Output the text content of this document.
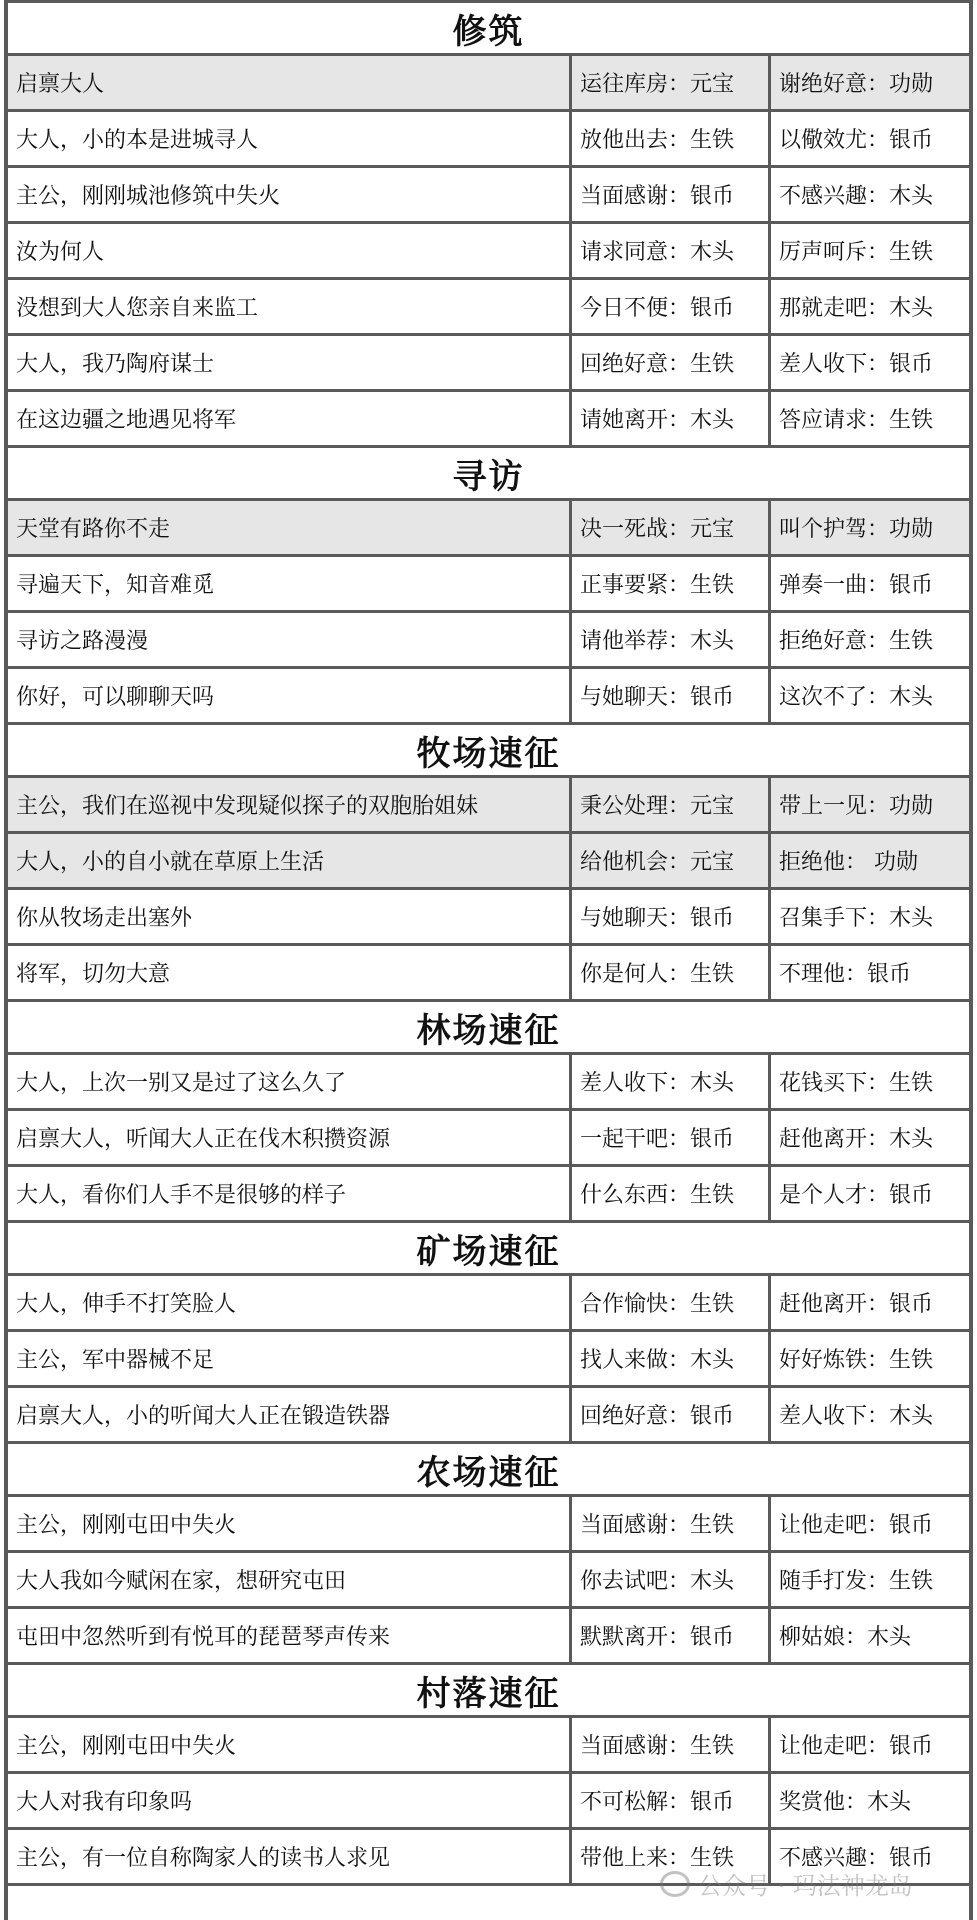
修筑
启禀大人	运往库房：元宝	谢绝好意：功勋
大人，小的本是进城寻人	放他出去：生铁	以儆效尤：银币
主公，刚刚城池修筑中失火	当面感谢：银币	不感兴趣：木头
汝为何人	请求同意：木头	厉声呵斥：生铁
没想到大人您亲自来监工	今日不便：银币	那就走吧：木头
大人，我乃陶府谋士	回绝好意：生铁	差人收下：银币
在这边疆之地遇见将军	请她离开：木头	答应请求：生铁
寻访
天堂有路你不走	决一死战：元宝	叫个护驾：功勋
寻遍天下，知音难觅	正事要紧：生铁	弹奏一曲：银币
寻访之路漫漫	请他举荐：木头	拒绝好意：生铁
你好，可以聊聊天吗	与她聊天：银币	这次不了：木头
牧场速征
主公，我们在巡视中发现疑似探子的双胞胎姐妹	秉公处理：元宝	带上一见：功勋
大人，小的自小就在草原上生活	给他机会：元宝	拒绝他： 功勋
你从牧场走出塞外	与她聊天：银币	召集手下：木头
将军，切勿大意	你是何人：生铁	不理他：银币
林场速征
大人，上次一别又是过了这么久了	差人收下：木头	花钱买下：生铁
启禀大人，听闻大人正在伐木积攒资源	一起干吧：银币	赶他离开：木头
大人，看你们人手不是很够的样子	什么东西：生铁	是个人才：银币
矿场速征
大人，伸手不打笑脸人	合作愉快：生铁	赶他离开：银币
主公，军中器械不足	找人来做：木头	好好炼铁：生铁
启禀大人，小的听闻大人正在锻造铁器	回绝好意：银币	差人收下：木头
农场速征
主公，刚刚屯田中失火	当面感谢：生铁	让他走吧：银币
大人我如今赋闲在家，想研究屯田	你去试吧：木头	随手打发：生铁
屯田中忽然听到有悦耳的琵琶琴声传来	默默离开：银币	柳姑娘：木头
村落速征
主公，刚刚屯田中失火	当面感谢：生铁	让他走吧：银币
大人对我有印象吗	不可松解：银币	奖赏他：木头
主公，有一位自称陶家人的读书人求见	带他上来：生铁	不感兴趣：银币
公众号 · 玛法神龙岛
